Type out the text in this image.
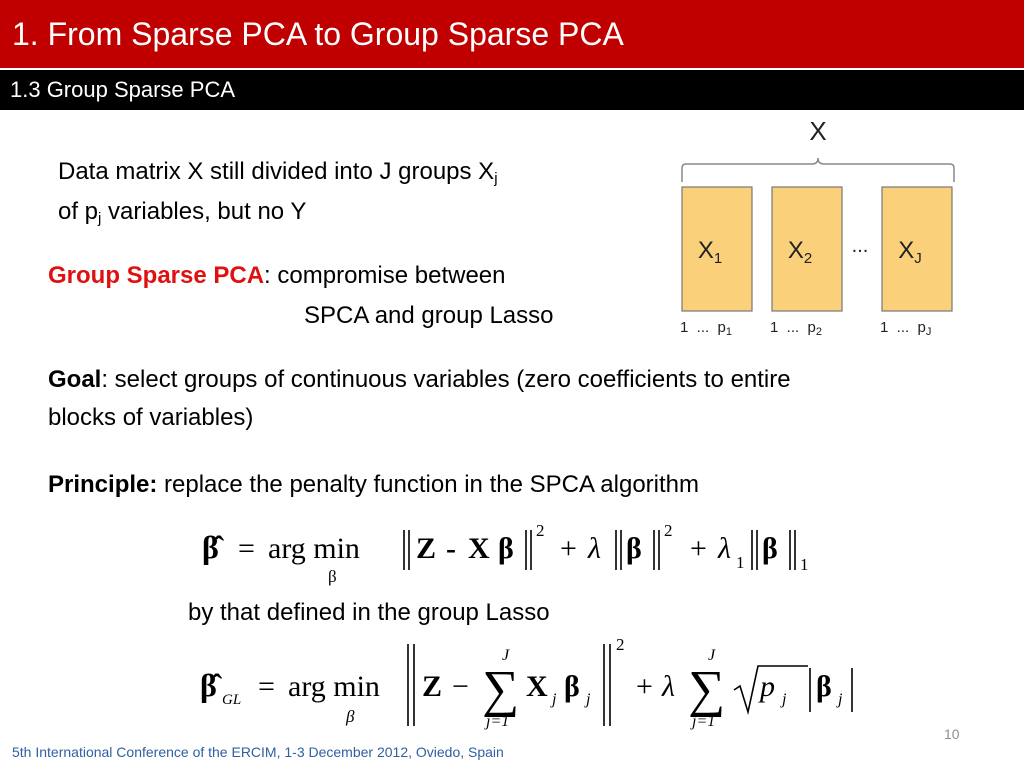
1. From Sparse PCA to Group Sparse PCA
1.3 Group Sparse PCA
Data matrix X still divided into J groups $X_j$
of $p_j$ variables, but no Y
Group Sparse PCA: compromise between
SPCA and group Lasso
Goal: select groups of continuous variables (zero coefficients to entire
blocks of variables)
Principle: replace the penalty function in the SPCA algorithm
by that defined in the group Lasso
X
...
$X_1$	$X_2$	$X_J$
1  ...  $p_1$	1  ...  $p_2$	1  ...  $p_J$
β̂ = arg min
β
Z - X β
2
+ λ β
2
+ λ 1 β 1
β̂ GL = arg min
β
Z −
J
∑
j=1
X j β j
2
+ λ
J
∑
j=1
p j β j
10
5th International Conference of the ERCIM, 1-3 December 2012, Oviedo, Spain
